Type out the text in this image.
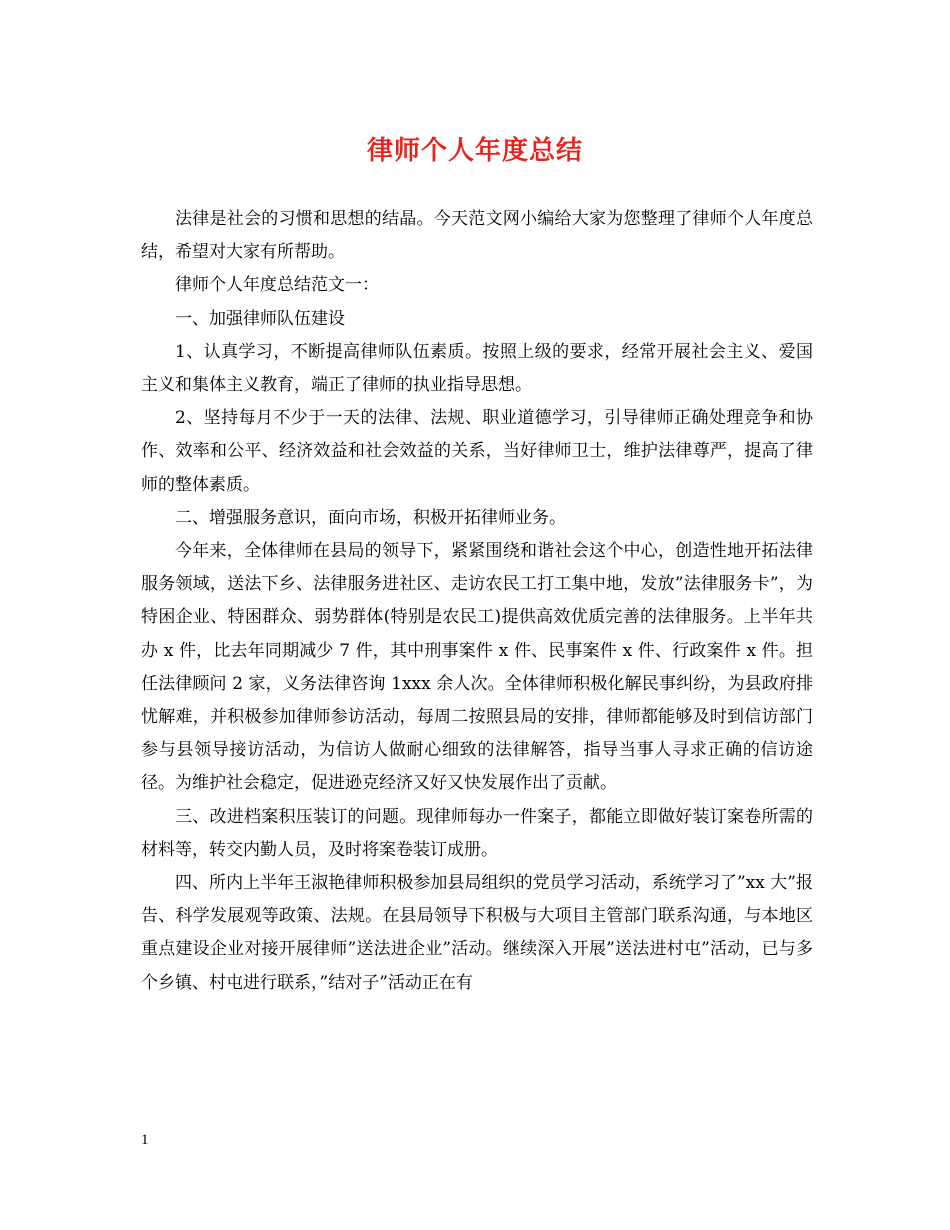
律师个人年度总结

法律是社会的习惯和思想的结晶。今天范文网小编给大家为您整理了律师个人年度总结，希望对大家有所帮助。

律师个人年度总结范文一：

一、加强律师队伍建设

1、认真学习，不断提高律师队伍素质。按照上级的要求，经常开展社会主义、爱国主义和集体主义教育，端正了律师的执业指导思想。

2、坚持每月不少于一天的法律、法规、职业道德学习，引导律师正确处理竞争和协作、效率和公平、经济效益和社会效益的关系，当好律师卫士，维护法律尊严，提高了律师的整体素质。

二、增强服务意识，面向市场，积极开拓律师业务。

今年来，全体律师在县局的领导下，紧紧围绕和谐社会这个中心，创造性地开拓法律服务领域，送法下乡、法律服务进社区、走访农民工打工集中地，发放”法律服务卡”，为特困企业、特困群众、弱势群体(特别是农民工)提供高效优质完善的法律服务。上半年共办 x 件，比去年同期减少 7 件，其中刑事案件 x 件、民事案件 x 件、行政案件 x 件。担任法律顾问 2 家，义务法律咨询 1xxx 余人次。全体律师积极化解民事纠纷，为县政府排忧解难，并积极参加律师参访活动，每周二按照县局的安排，律师都能够及时到信访部门参与县领导接访活动，为信访人做耐心细致的法律解答，指导当事人寻求正确的信访途径。为维护社会稳定，促进逊克经济又好又快发展作出了贡献。

三、改进档案积压装订的问题。现律师每办一件案子，都能立即做好装订案卷所需的材料等，转交内勤人员，及时将案卷装订成册。

四、所内上半年王淑艳律师积极参加县局组织的党员学习活动，系统学习了”xx 大”报告、科学发展观等政策、法规。在县局领导下积极与大项目主管部门联系沟通，与本地区重点建设企业对接开展律师”送法进企业”活动。继续深入开展”送法进村屯”活动，已与多个乡镇、村屯进行联系，”结对子”活动正在有

1
